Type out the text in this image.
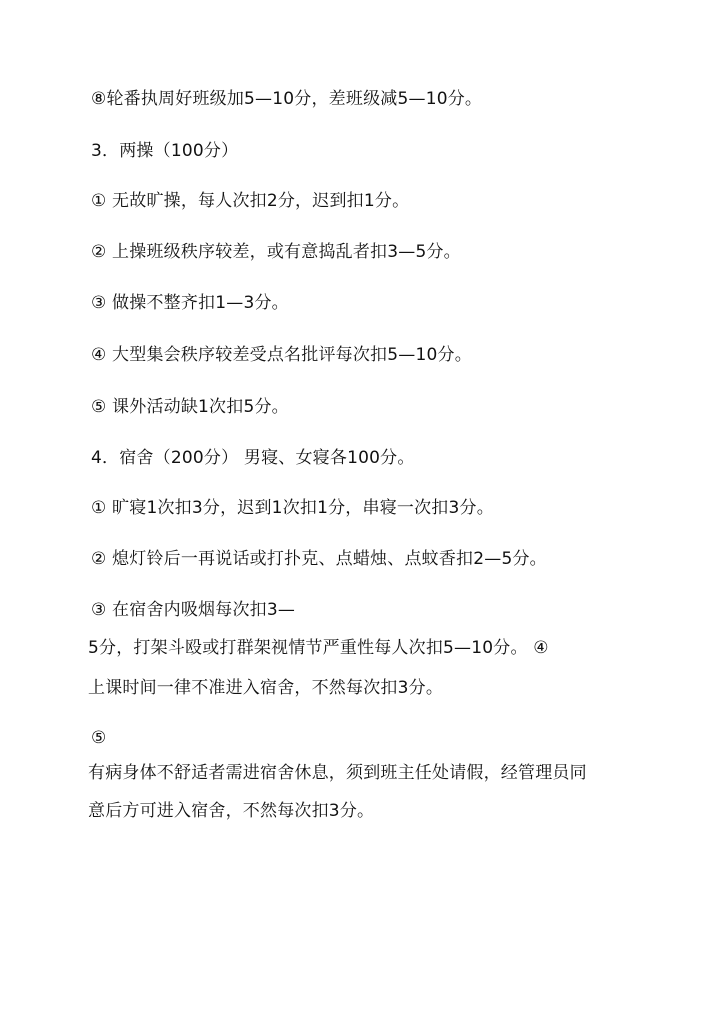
⑧轮番执周好班级加5—10分，差班级减5—10分。
3．两操（100分）
① 无故旷操，每人次扣2分，迟到扣1分。
② 上操班级秩序较差，或有意捣乱者扣3—5分。
③ 做操不整齐扣1—3分。
④ 大型集会秩序较差受点名批评每次扣5—10分。
⑤ 课外活动缺1次扣5分。
4．宿舍（200分） 男寝、女寝各100分。
① 旷寝1次扣3分，迟到1次扣1分，串寝一次扣3分。
② 熄灯铃后一再说话或打扑克、点蜡烛、点蚊香扣2—5分。
③ 在宿舍内吸烟每次扣3—
5分，打架斗殴或打群架视情节严重性每人次扣5—10分。 ④
上课时间一律不准进入宿舍，不然每次扣3分。
⑤
有病身体不舒适者需进宿舍休息，须到班主任处请假，经管理员同
意后方可进入宿舍，不然每次扣3分。
